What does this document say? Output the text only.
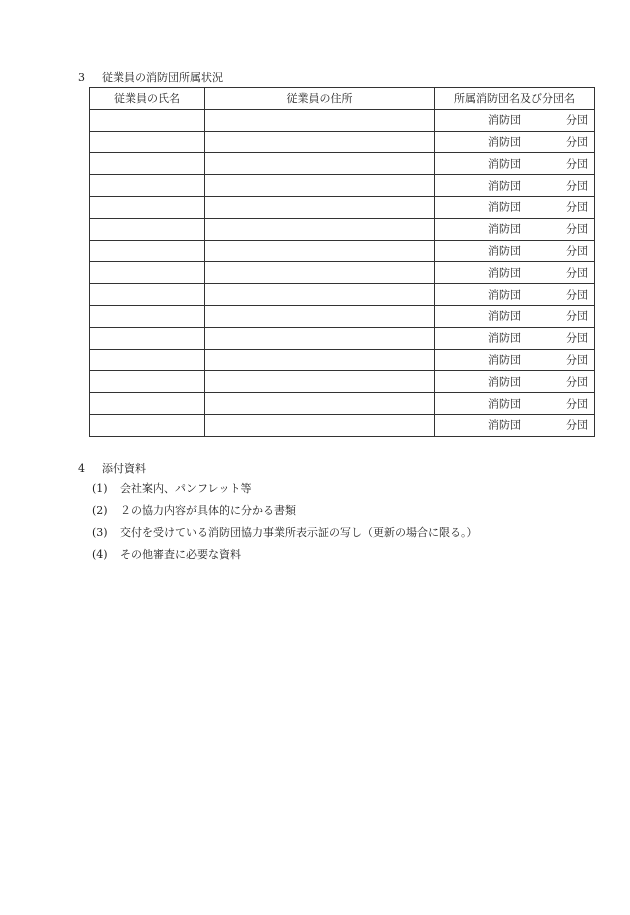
3 従業員の消防団所属状況
従業員の氏名	従業員の住所	所属消防団名及び分団名

		消防団 分団

		消防団 分団

		消防団 分団

		消防団 分団

		消防団 分団

		消防団 分団

		消防団 分団

		消防団 分団

		消防団 分団

		消防団 分団

		消防団 分団

		消防団 分団

		消防団 分団

		消防団 分団

		消防団 分団
4 添付資料
(1) 会社案内、パンフレット等
(2) ２の協力内容が具体的に分かる書類
(3) 交付を受けている消防団協力事業所表示証の写し（更新の場合に限る。）
(4) その他審査に必要な資料
